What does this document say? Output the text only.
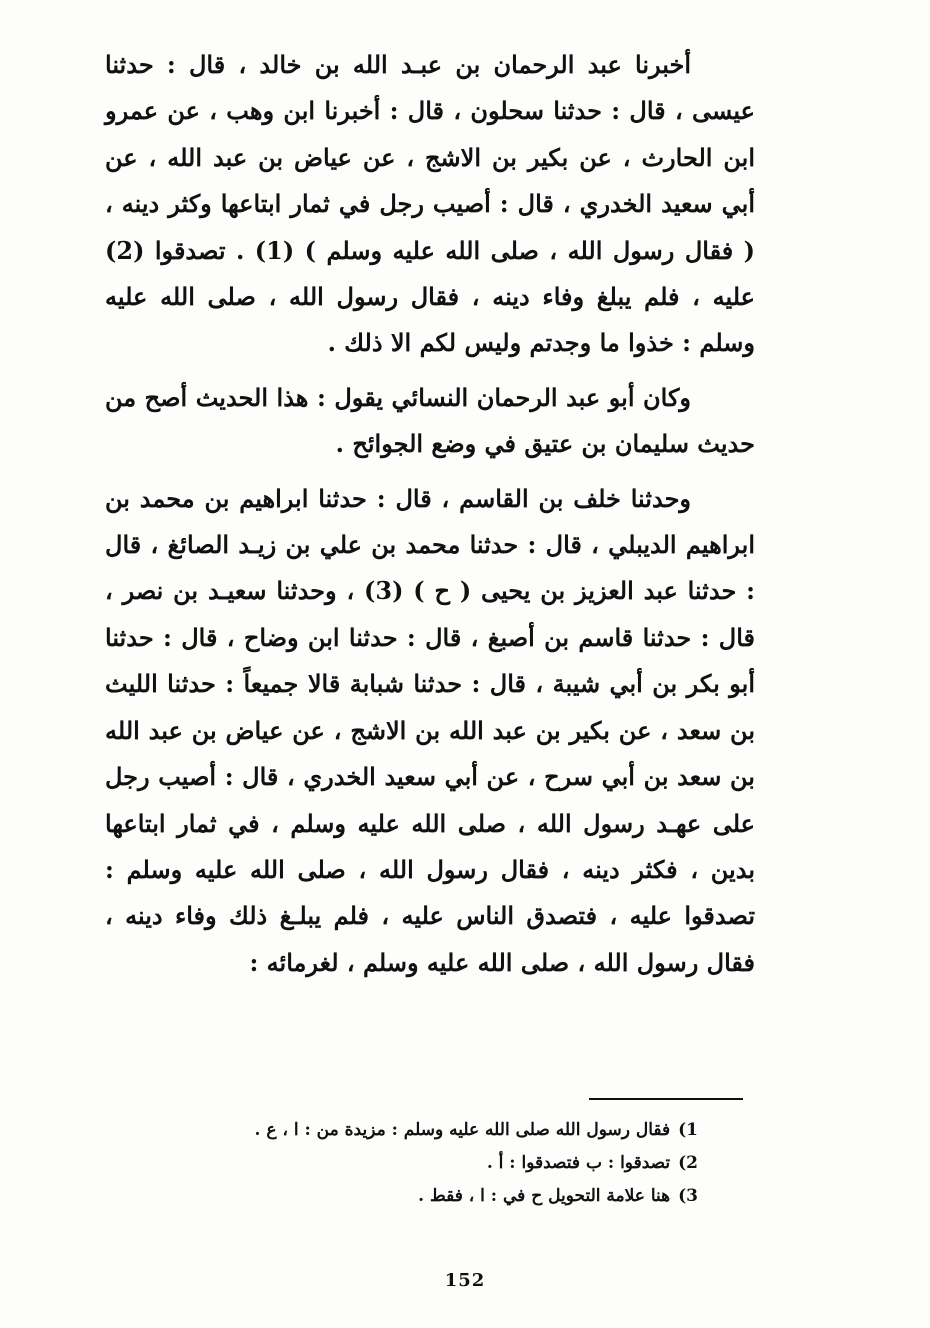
أخبرنا عبد الرحمان بن عبـد الله بن خالد ، قال : حدثنا عيسى ، قال : حدثنا سحلون ، قال : أخبرنا ابن وهب ، عن عمرو ابن الحارث ، عن بكير بن الاشج ، عن عياض بن عبد الله ، عن أبي سعيد الخدري ، قال : أصيب رجل في ثمار ابتاعها وكثر دينه ، ( فقال رسول الله ، صلى الله عليه وسلم ) (1) . تصدقوا (2) عليه ، فلم يبلغ وفاء دينه ، فقال رسول الله ، صلى الله عليه وسلم : خذوا ما وجدتم وليس لكم الا ذلك .

وكان أبو عبد الرحمان النسائي يقول : هذا الحديث أصح من حديث سليمان بن عتيق في وضع الجوائح .

وحدثنا خلف بن القاسم ، قال : حدثنا ابراهيم بن محمد بن ابراهيم الديبلي ، قال : حدثنا محمد بن علي بن زيـد الصائغ ، قال : حدثنا عبد العزيز بن يحيى ( ح ) (3) ، وحدثنا سعيـد بن نصر ، قال : حدثنا قاسم بن أصبغ ، قال : حدثنا ابن وضاح ، قال : حدثنا أبو بكر بن أبي شيبة ، قال : حدثنا شبابة قالا جميعاً : حدثنا الليث بن سعد ، عن بكير بن عبد الله بن الاشج ، عن عياض بن عبد الله بن سعد بن أبي سرح ، عن أبي سعيد الخدري ، قال : أصيب رجل على عهـد رسول الله ، صلى الله عليه وسلم ، في ثمار ابتاعها بدين ، فكثر دينه ، فقال رسول الله ، صلى الله عليه وسلم : تصدقوا عليه ، فتصدق الناس عليه ، فلم يبلـغ ذلك وفاء دينه ، فقال رسول الله ، صلى الله عليه وسلم ، لغرمائه :

1)فقال رسول الله صلى الله عليه وسلم : مزيدة من : ا ، ع .
2)تصدقوا : ب فتصدقوا : أ .
3)هنا علامة التحويل ح في : ا ، فقط .
152
